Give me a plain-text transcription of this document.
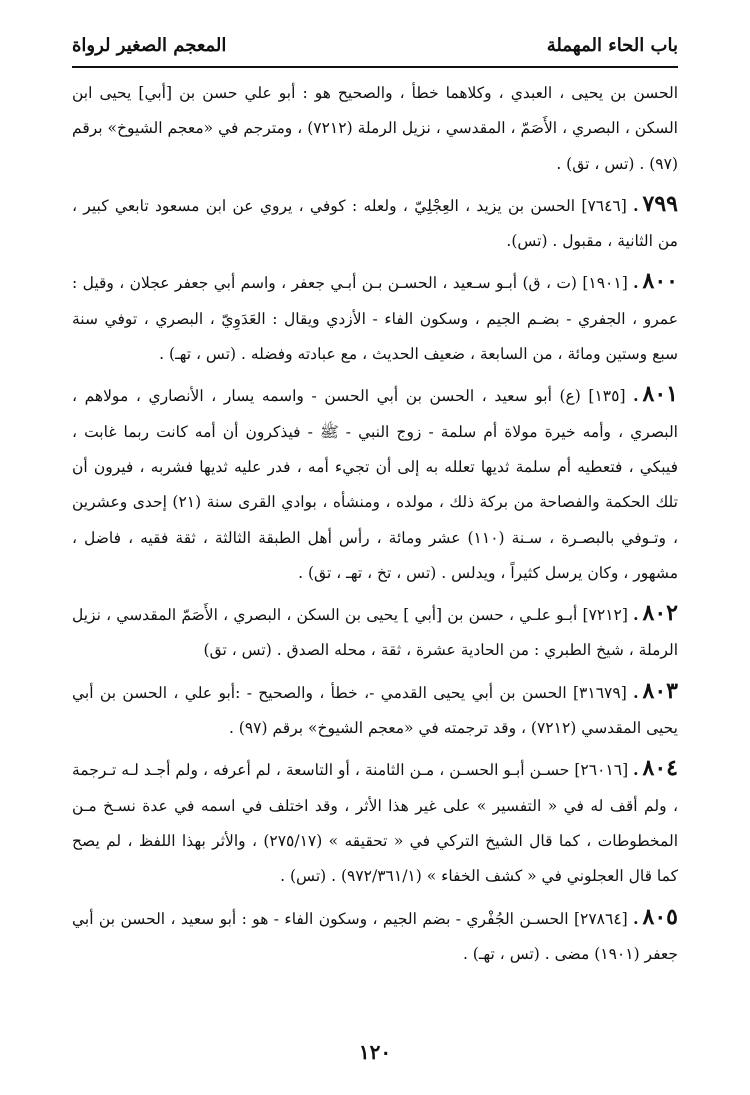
باب الحاء المهملة
المعجم الصغير لرواة

الحسن بن يحيى ، العبدي ، وكلاهما خطأ ، والصحيح هو : أبو علي حسن بن [أبي] يحيى ابن السكن ، البصري ، الأَصَمّ ، المقدسي ، نزيل الرملة (٧٢١٢) ، ومترجم في «معجم الشيوخ» برقم (٩٧) . (تس ، تق) .

٧٩٩. [٧٦٤٦] الحسن بن يزيد ، العِجْلِيّ ، ولعله : كوفي ، يروي عن ابن مسعود تابعي كبير ، من الثانية ، مقبول . (تس).

٨٠٠. [١٩٠١] (ت ، ق) أبـو سـعيد ، الحسـن بـن أبـي جعفر ، واسم أبي جعفر عجلان ، وقيل : عمرو ، الجفري - بضـم الجيم ، وسكون الفاء - الأزدي ويقال : العَدَوِيّ ، البصري ، توفي سنة سبع وستين ومائة ، من السابعة ، ضعيف الحديث ، مع عبادته وفضله . (تس ، تهـ) .

٨٠١. [١٣٥] (ع) أبو سعيد ، الحسن بن أبي الحسن - واسمه يسار ، الأنصاري ، مولاهم ، البصري ، وأمه خيرة مولاة أم سلمة - زوج النبي - ﷺ - فيذكرون أن أمه كانت ربما غابت ، فيبكي ، فتعطيه أم سلمة ثديها تعلله به إلى أن تجيء أمه ، فدر عليه ثديها فشربه ، فيرون أن تلك الحكمة والفصاحة من بركة ذلك ، مولده ، ومنشأه ، بوادي القرى سنة (٢١) إحدى وعشرين ، وتـوفي بالبصـرة ، سـنة (١١٠) عشر ومائة ، رأس أهل الطبقة الثالثة ، ثقة فقيه ، فاضل ، مشهور ، وكان يرسل كثيراً ، ويدلس . (تس ، تخ ، تهـ ، تق) .

٨٠٢. [٧٢١٢] أبـو علـي ، حسن بن [أبي ] يحيى بن السكن ، البصري ، الأَصَمّ المقدسي ، نزيل الرملة ، شيخ الطبري : من الحادية عشرة ، ثقة ، محله الصدق . (تس ، تق)

٨٠٣. [٣١٦٧٩] الحسن بن أبي يحيى القدمي -، خطأ ، والصحيح - :أبو علي ، الحسن بن أبي يحيى المقدسي (٧٢١٢) ، وقد ترجمته في «معجم الشيوخ» برقم (٩٧) .

٨٠٤. [٢٦٠١٦] حسـن أبـو الحسـن ، مـن الثامنة ، أو التاسعة ، لم أعرفه ، ولم أجـد لـه تـرجمة ، ولم أقف له في « التفسير » على غير هذا الأثر ، وقد اختلف في اسمه في عدة نسـخ مـن المخطوطات ، كما قال الشيخ التركي في « تحقيقه » (٢٧٥/١٧) ، والأثر بهذا اللفظ ، لم يصح كما قال العجلوني في « كشف الخفاء » (٩٧٢/٣٦١/١) . (تس) .

٨٠٥. [٢٧٨٦٤] الحسـن الجُفْري - بضم الجيم ، وسكون الفاء - هو : أبو سعيد ، الحسن بن أبي جعفر (١٩٠١) مضى . (تس ، تهـ) .

١٢٠
